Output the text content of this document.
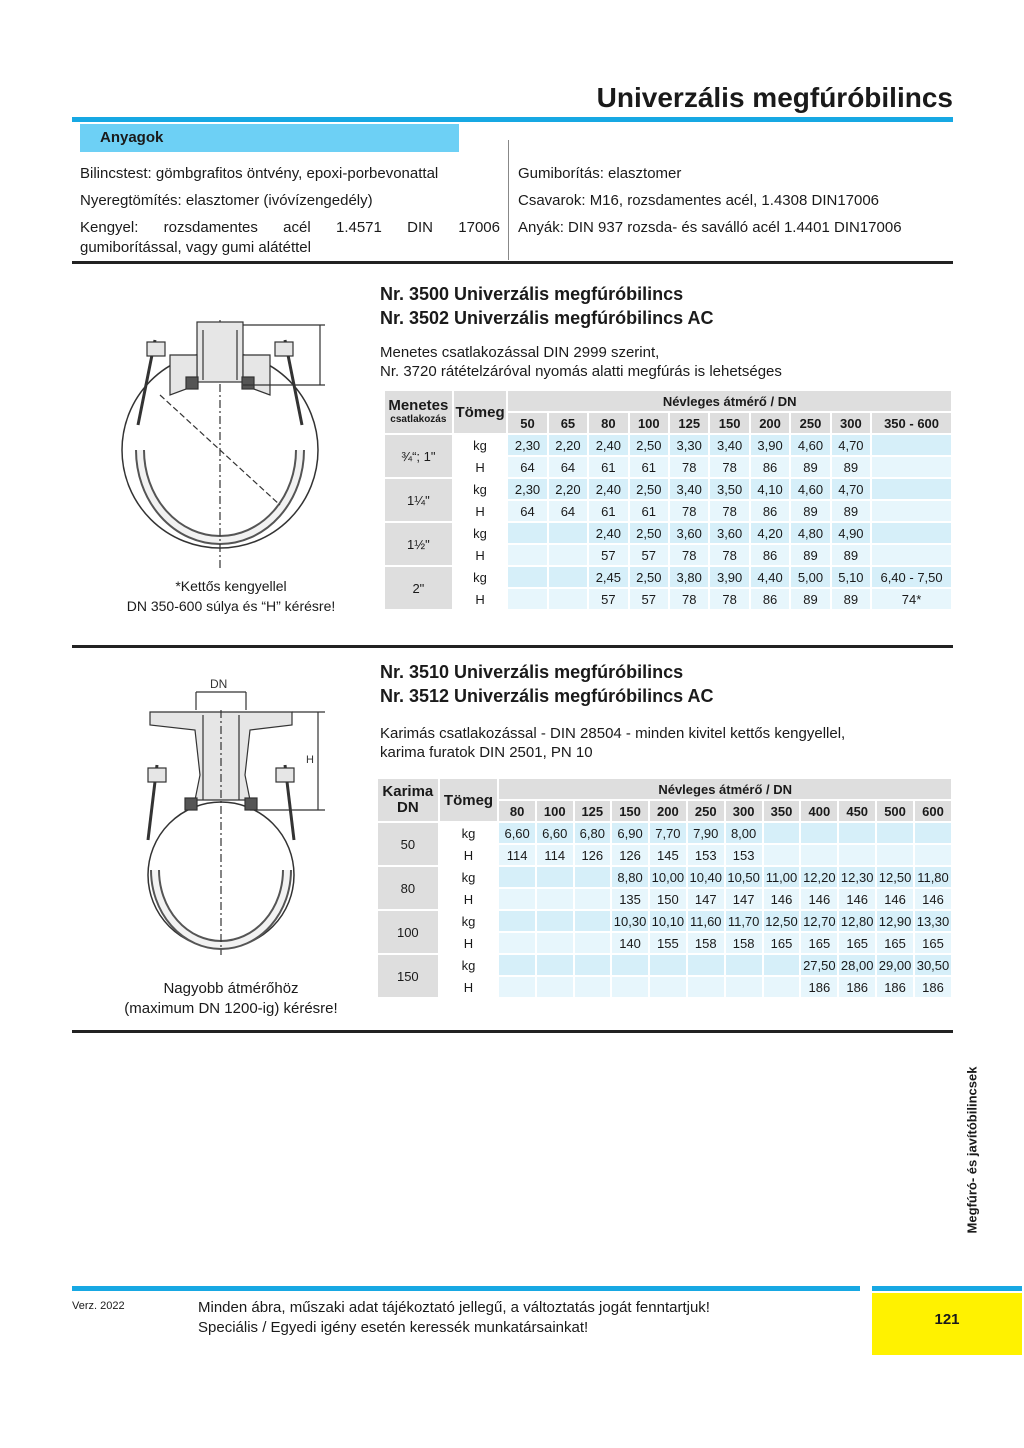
Univerzális megfúróbilincs
Anyagok
Bilincstest: gömbgrafitos öntvény, epoxi-porbevonattal
Nyeregtömítés: elasztomer (ivóvízengedély)
Kengyel: rozsdamentes acél 1.4571 DIN 17006 gumiborítással, vagy gumi alátéttel
Gumiborítás: elasztomer
Csavarok: M16, rozsdamentes acél, 1.4308 DIN17006
Anyák: DIN 937 rozsda- és saválló acél 1.4401 DIN17006
Nr. 3500 Univerzális megfúróbilincs
Nr. 3502 Univerzális megfúróbilincs AC
Menetes csatlakozással DIN 2999 szerint,
Nr. 3720 rátételzáróval nyomás alatti megfúrás is lehetséges
*Kettős kengyellel
DN 350-600 súlya és “H” kérésre!
Menetes
csatlakozás	Tömeg	Névleges átmérő / DN									
		50	65	80	100	125	150	200	250	300	350 - 600
¾“; 1"	kg	2,30	2,20	2,40	2,50	3,30	3,40	3,90	4,60	4,70	
	H	64	64	61	61	78	78	86	89	89	
1¼"	kg	2,30	2,20	2,40	2,50	3,40	3,50	4,10	4,60	4,70	
	H	64	64	61	61	78	78	86	89	89	
1½"	kg			2,40	2,50	3,60	3,60	4,20	4,80	4,90	
	H			57	57	78	78	86	89	89	
2"	kg			2,45	2,50	3,80	3,90	4,40	5,00	5,10	6,40 - 7,50
	H			57	57	78	78	86	89	89	74*
Nr. 3510 Univerzális megfúróbilincs
Nr. 3512 Univerzális megfúróbilincs AC
Karimás csatlakozással - DIN 28504 - minden kivitel kettős kengyellel,
karima furatok DIN 2501, PN 10
DN
H
Nagyobb átmérőhöz
(maximum DN 1200-ig) kérésre!
Karima
DN	Tömeg	Névleges átmérő / DN											
		80	100	125	150	200	250	300	350	400	450	500	600
50	kg	6,60	6,60	6,80	6,90	7,70	7,90	8,00					
	H	114	114	126	126	145	153	153					
80	kg				8,80	10,00	10,40	10,50	11,00	12,20	12,30	12,50	11,80
	H				135	150	147	147	146	146	146	146	146
100	kg				10,30	10,10	11,60	11,70	12,50	12,70	12,80	12,90	13,30
	H				140	155	158	158	165	165	165	165	165
150	kg									27,50	28,00	29,00	30,50
	H									186	186	186	186
Megfúró- és javítóbilincsek
Verz. 2022	Minden ábra, műszaki adat tájékoztató jellegű, a változtatás jogát fenntartjuk!
Speciális / Egyedi igény esetén keressék munkatársainkat!	121
